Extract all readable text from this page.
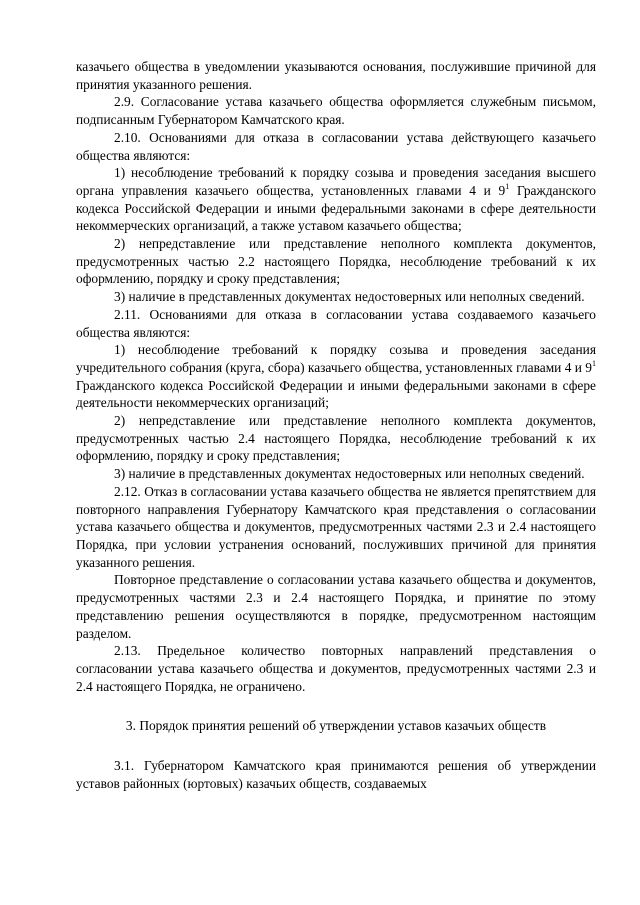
казачьего общества в уведомлении указываются основания, послужившие причиной для принятия указанного решения.

2.9. Согласование устава казачьего общества оформляется служебным письмом, подписанным Губернатором Камчатского края.

2.10. Основаниями для отказа в согласовании устава действующего казачьего общества являются:

1) несоблюдение требований к порядку созыва и проведения заседания высшего органа управления казачьего общества, установленных главами 4 и $9^1$ Гражданского кодекса Российской Федерации и иными федеральными законами в сфере деятельности некоммерческих организаций, а также уставом казачьего общества;

2) непредставление или представление неполного комплекта документов, предусмотренных частью 2.2 настоящего Порядка, несоблюдение требований к их оформлению, порядку и сроку представления;

3) наличие в представленных документах недостоверных или неполных сведений.

2.11. Основаниями для отказа в согласовании устава создаваемого казачьего общества являются:

1) несоблюдение требований к порядку созыва и проведения заседания учредительного собрания (круга, сбора) казачьего общества, установленных главами 4 и $9^1$ Гражданского кодекса Российской Федерации и иными федеральными законами в сфере деятельности некоммерческих организаций;

2) непредставление или представление неполного комплекта документов, предусмотренных частью 2.4 настоящего Порядка, несоблюдение требований к их оформлению, порядку и сроку представления;

3) наличие в представленных документах недостоверных или неполных сведений.

2.12. Отказ в согласовании устава казачьего общества не является препятствием для повторного направления Губернатору Камчатского края представления о согласовании устава казачьего общества и документов, предусмотренных частями 2.3 и 2.4 настоящего Порядка, при условии устранения оснований, послуживших причиной для принятия указанного решения.

Повторное представление о согласовании устава казачьего общества и документов, предусмотренных частями 2.3 и 2.4 настоящего Порядка, и принятие по этому представлению решения осуществляются в порядке, предусмотренном настоящим разделом.

2.13. Предельное количество повторных направлений представления о согласовании устава казачьего общества и документов, предусмотренных частями 2.3 и 2.4 настоящего Порядка, не ограничено.

3. Порядок принятия решений об утверждении уставов казачьих обществ

3.1. Губернатором Камчатского края принимаются решения об утверждении уставов районных (юртовых) казачьих обществ, создаваемых
